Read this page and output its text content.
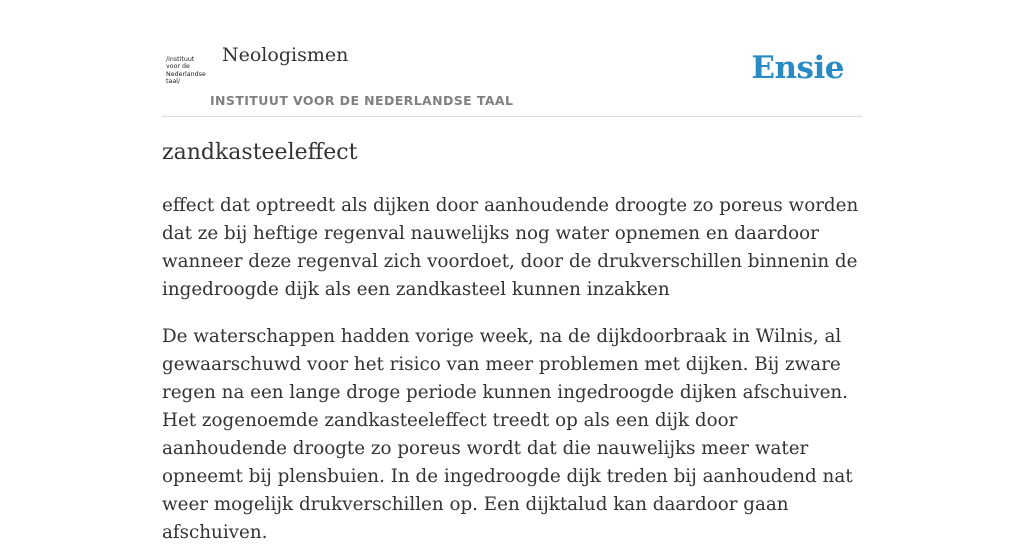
/instituut
voor de
Nederlandse
taal/
Neologismen
INSTITUUT VOOR DE NEDERLANDSE TAAL
Ensie
zandkasteeleffect

effect dat optreedt als dijken door aanhoudende droogte zo poreus worden dat ze bij heftige regenval nauwelijks nog water opnemen en daardoor wanneer deze regenval zich voordoet, door de drukverschillen binnenin de ingedroogde dijk als een zandkasteel kunnen inzakken

De waterschappen hadden vorige week, na de dijkdoorbraak in Wilnis, al gewaarschuwd voor het risico van meer problemen met dijken. Bij zware regen na een lange droge periode kunnen ingedroogde dijken afschuiven. Het zogenoemde zandkasteeleffect treedt op als een dijk door aanhoudende droogte zo poreus wordt dat die nauwelijks meer water opneemt bij plensbuien. In de ingedroogde dijk treden bij aanhoudend nat weer mogelijk drukverschillen op. Een dijktalud kan daardoor gaan afschuiven.
